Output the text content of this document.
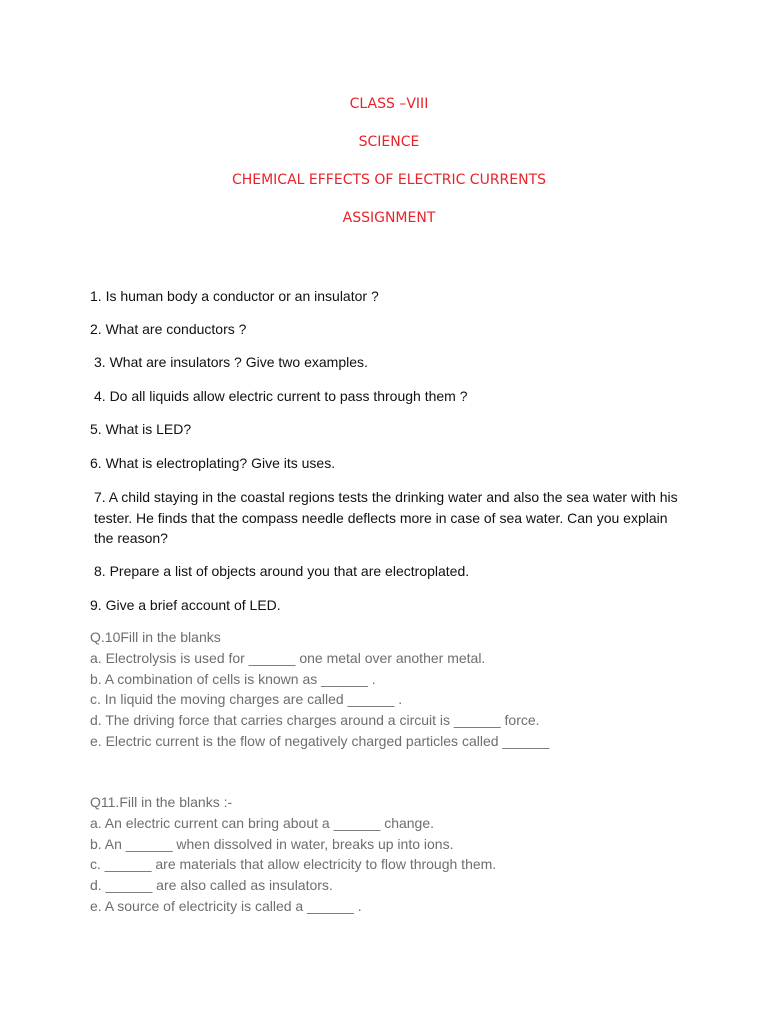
CLASS –VIII
SCIENCE
CHEMICAL EFFECTS OF ELECTRIC CURRENTS
ASSIGNMENT
1. Is human body a conductor or an insulator ?
2. What are conductors ?
3. What are insulators ? Give two examples.
4. Do all liquids allow electric current to pass through them ?
5. What is LED?
6. What is electroplating? Give its uses.
7. A child staying in the coastal regions tests the drinking water and also the sea water with his tester. He finds that the compass needle deflects more in case of sea water. Can you explain the reason?
8. Prepare a list of objects around you that are electroplated.
9. Give a brief account of LED.
Q.10Fill in the blanks
a. Electrolysis is used for ______ one metal over another metal.
b. A combination of cells is known as ______ .
c. In liquid the moving charges are called ______ .
d. The driving force that carries charges around a circuit is ______ force.
e. Electric current is the flow of negatively charged particles called ______
Q11.Fill in the blanks :-
a. An electric current can bring about a ______ change.
b. An ______ when dissolved in water, breaks up into ions.
c. ______ are materials that allow electricity to flow through them.
d. ______ are also called as insulators.
e. A source of electricity is called a ______ .
